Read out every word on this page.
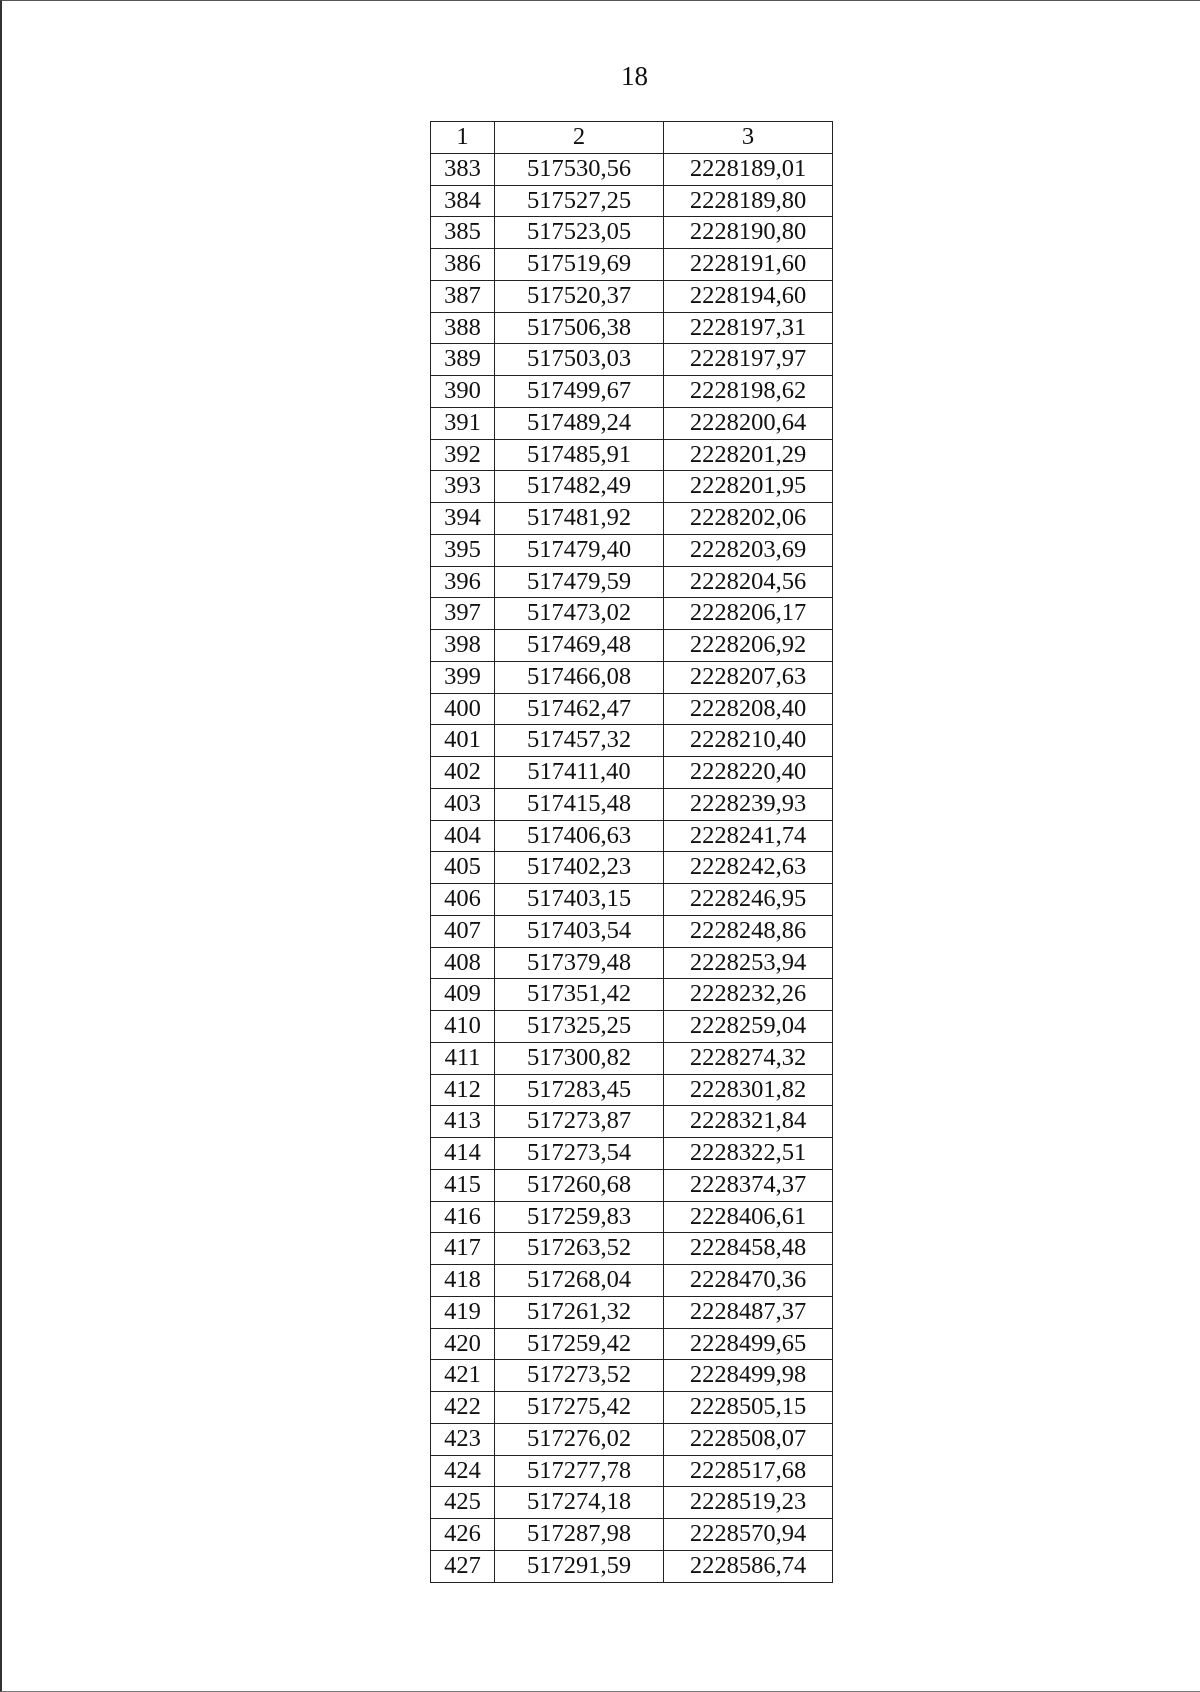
18
1	2	3
383	517530,56	2228189,01
384	517527,25	2228189,80
385	517523,05	2228190,80
386	517519,69	2228191,60
387	517520,37	2228194,60
388	517506,38	2228197,31
389	517503,03	2228197,97
390	517499,67	2228198,62
391	517489,24	2228200,64
392	517485,91	2228201,29
393	517482,49	2228201,95
394	517481,92	2228202,06
395	517479,40	2228203,69
396	517479,59	2228204,56
397	517473,02	2228206,17
398	517469,48	2228206,92
399	517466,08	2228207,63
400	517462,47	2228208,40
401	517457,32	2228210,40
402	517411,40	2228220,40
403	517415,48	2228239,93
404	517406,63	2228241,74
405	517402,23	2228242,63
406	517403,15	2228246,95
407	517403,54	2228248,86
408	517379,48	2228253,94
409	517351,42	2228232,26
410	517325,25	2228259,04
411	517300,82	2228274,32
412	517283,45	2228301,82
413	517273,87	2228321,84
414	517273,54	2228322,51
415	517260,68	2228374,37
416	517259,83	2228406,61
417	517263,52	2228458,48
418	517268,04	2228470,36
419	517261,32	2228487,37
420	517259,42	2228499,65
421	517273,52	2228499,98
422	517275,42	2228505,15
423	517276,02	2228508,07
424	517277,78	2228517,68
425	517274,18	2228519,23
426	517287,98	2228570,94
427	517291,59	2228586,74
